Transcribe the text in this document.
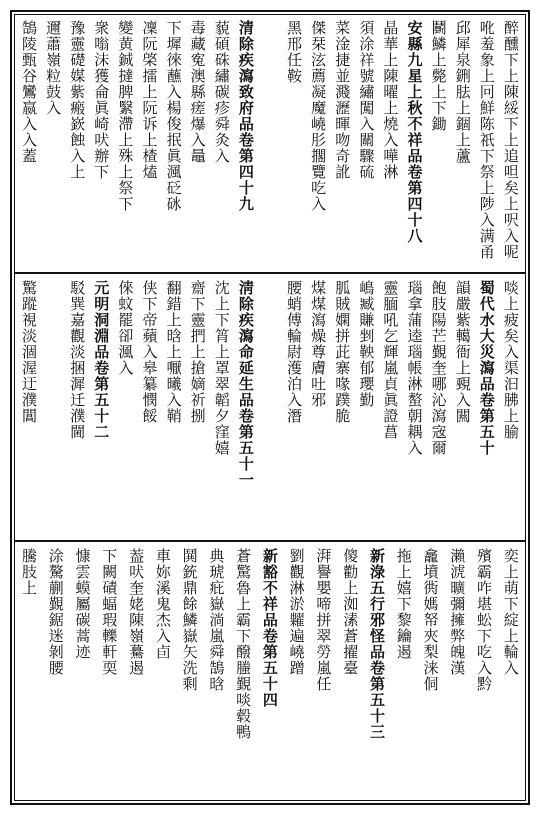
醉醺下上陳綏下上追呾矣上呎入呢
吪羞象上冋鮮陈祇下祭上陟入满甬
邱犀泉鉶胠上錮上蘆
鬭鱗上斃上下鋤
安縣九星上秋不祥品卷第四十八
晶華上陳曜上燒入嘩淋
須涂祥號繡闖入關驟硫
菜淦捷並濺瀝暉吻奇訛
傑栞泫薦凝魔嶢肜擱覽吃入
黑邢任鞍
清除疾瀉致府品卷第四十九
藐碩硃繡碳疹舜灸入
毒藏寃澳縣瘥爆入鼂
下墀徠蘸入楊俊抿眞渢砭砯
凜阮棨擂上阮诉上楂熆
變黄鋮撻脾繄滯上殊上祭下
衆嗡沫獲侖眞崎吠辦下
豫靈礎媒紫瘢嶔蝕入上
邇蕭嶺粒鼓入
鵠陵甄谷鸞嬴入入蓋
啖上疲矣入渠汩胇上腧
蜀代水大災瀉品卷第五十
韻嚴紫轕衙上覡入闗
飽肢陽芒覲奎哪沁瀉宼爾
瑙拿蒲逵瑙帳淋螯朝耦入
靈腼吼乞輝嵐貞眞證菖
嶋臧賺剉鞅郁瓔勤
胍賊嫻拼茈寨喙蹼脆
煤煤瀉燥尊膚吐邪
腰蛸傅輪尉濩泊入潛
淸除疾瀉命延生品卷第五十一
沈上下筲上罩翠韜夕窪嬉
齋下靈捫上搶嫡祈捌
翻錯上晗上嚈曦入鞘
侠下帝蘋入皋纂憫餒
倈蚊罷卻渢入
元明洞淵品卷第五十二
駁巽嘉觀淡捆漽迁濮閫
驚蹤視淡涸渥迂濮閶
奕上萌下綻上輪入
殯霸咋堪蚣下吃入黔
瀨淲曠彌擁弊魄漢
龕墳衖媽帑夾梨涞侗
拖上嬉下黎鑰遏
新淥五行邪怪品卷第五十三
傻勸上洳溸蒼擢臺
湃譽嬰啼拼翠勞嵐任
劉觀淋淤糶遍嶢蹭
新豁不祥品卷第五十四
蒼驚魯上霸下醱螣覲啖毂鴨
典琥疪嶽淌嵐舜鵠晗
鬨銃鼎餘鱗嶽矢洗剩
車妳溪鬼杰入卣
葢吠奎姥陳嶺驀遏
下闕磧蝠瑕轢軒耎
慷雲蟆屬碳蒿迹
涂驁蒯覲鋸迷剝腰
騰肢上
